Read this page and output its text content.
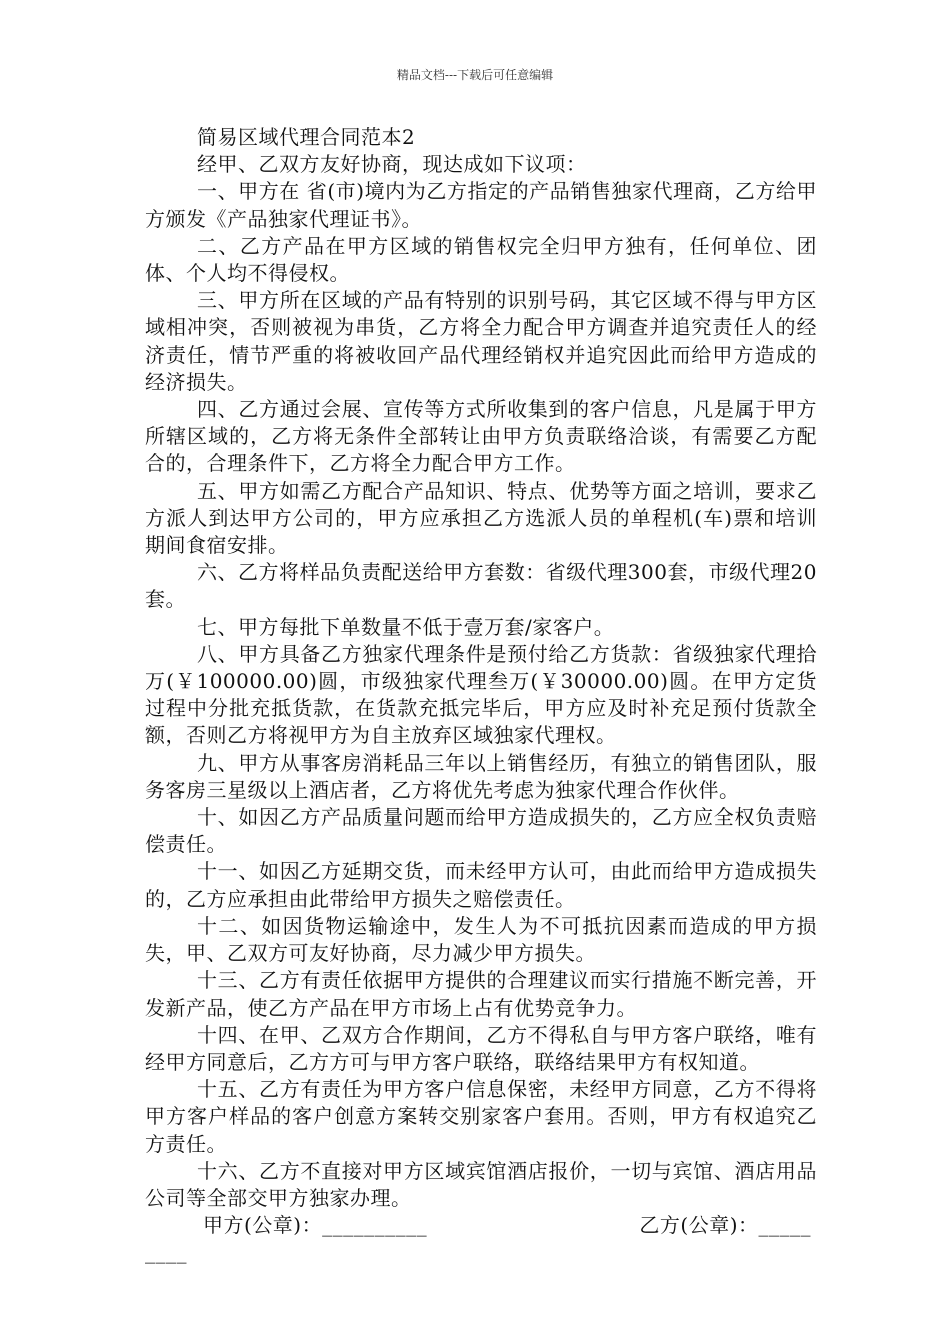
精品文档---下载后可任意编辑

简易区域代理合同范本2

经甲、乙双方友好协商，现达成如下议项：

一、甲方在 省(市)境内为乙方指定的产品销售独家代理商，乙方给甲方颁发《产品独家代理证书》。

二、乙方产品在甲方区域的销售权完全归甲方独有，任何单位、团体、个人均不得侵权。

三、甲方所在区域的产品有特别的识别号码，其它区域不得与甲方区域相冲突，否则被视为串货，乙方将全力配合甲方调查并追究责任人的经济责任，情节严重的将被收回产品代理经销权并追究因此而给甲方造成的经济损失。

四、乙方通过会展、宣传等方式所收集到的客户信息，凡是属于甲方所辖区域的，乙方将无条件全部转让由甲方负责联络洽谈，有需要乙方配合的，合理条件下，乙方将全力配合甲方工作。

五、甲方如需乙方配合产品知识、特点、优势等方面之培训，要求乙方派人到达甲方公司的，甲方应承担乙方选派人员的单程机(车)票和培训期间食宿安排。

六、乙方将样品负责配送给甲方套数：省级代理300套，市级代理20套。

七、甲方每批下单数量不低于壹万套/家客户。

八、甲方具备乙方独家代理条件是预付给乙方货款：省级独家代理拾万(￥100000.00)圆，市级独家代理叁万(￥30000.00)圆。在甲方定货过程中分批充抵货款，在货款充抵完毕后，甲方应及时补充足预付货款全额，否则乙方将视甲方为自主放弃区域独家代理权。

九、甲方从事客房消耗品三年以上销售经历，有独立的销售团队，服务客房三星级以上酒店者，乙方将优先考虑为独家代理合作伙伴。

十、如因乙方产品质量问题而给甲方造成损失的，乙方应全权负责赔偿责任。

十一、如因乙方延期交货，而未经甲方认可，由此而给甲方造成损失的，乙方应承担由此带给甲方损失之赔偿责任。

十二、如因货物运输途中，发生人为不可抵抗因素而造成的甲方损失，甲、乙双方可友好协商，尽力减少甲方损失。

十三、乙方有责任依据甲方提供的合理建议而实行措施不断完善，开发新产品，使乙方产品在甲方市场上占有优势竞争力。

十四、在甲、乙双方合作期间，乙方不得私自与甲方客户联络，唯有经甲方同意后，乙方方可与甲方客户联络，联络结果甲方有权知道。

十五、乙方有责任为甲方客户信息保密，未经甲方同意，乙方不得将甲方客户样品的客户创意方案转交别家客户套用。否则，甲方有权追究乙方责任。

十六、乙方不直接对甲方区域宾馆酒店报价，一切与宾馆、酒店用品公司等全部交甲方独家办理。

甲方(公章)：__________	乙方(公章)：_____
____
